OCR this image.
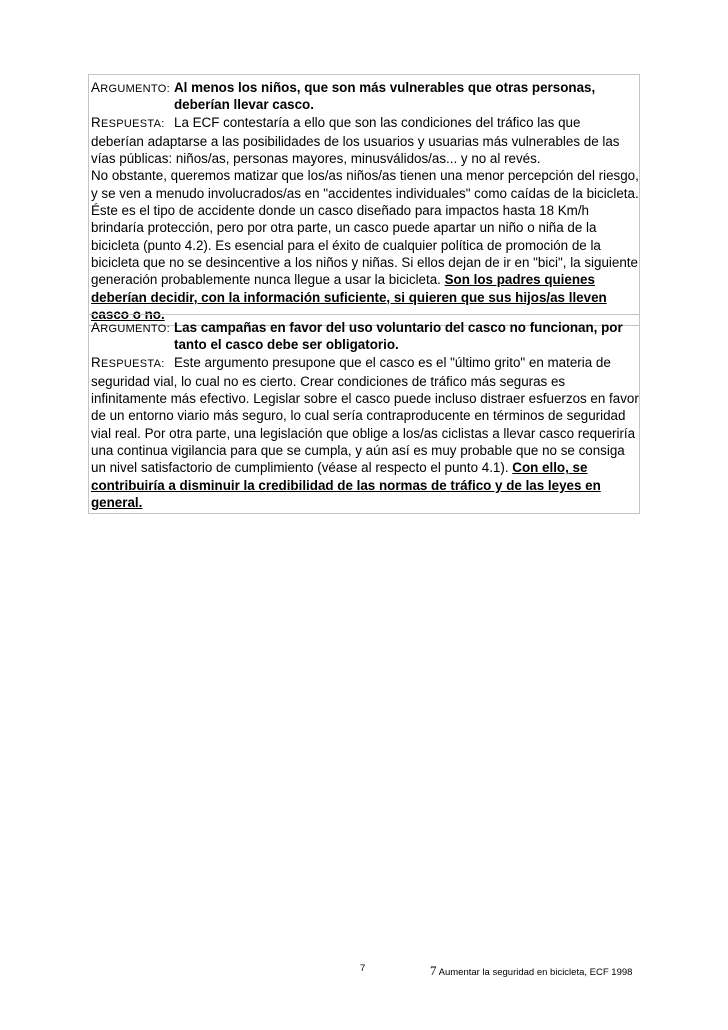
ARGUMENTO: Al menos los niños, que son más vulnerables que otras personas,
deberían llevar casco.
RESPUESTA: La ECF contestaría a ello que son las condiciones del tráfico las que

deberían adaptarse a las posibilidades de los usuarios y usuarias más vulnerables de las vías públicas: niños/as, personas mayores, minusválidos/as... y no al revés.

No obstante, queremos matizar que los/as niños/as tienen una menor percepción del riesgo, y se ven a menudo involucrados/as en "accidentes individuales" como caídas de la bicicleta. Éste es el tipo de accidente donde un casco diseñado para impactos hasta 18 Km/h brindaría protección, pero por otra parte, un casco puede apartar un niño o niña de la bicicleta (punto 4.2). Es esencial para el éxito de cualquier política de promoción de la bicicleta que no se desincentive a los niños y niñas. Si ellos dejan de ir en "bici", la siguiente generación probablemente nunca llegue a usar la bicicleta. Son los padres quienes deberían decidir, con la información suficiente, si quieren que sus hijos/as lleven casco o no.

ARGUMENTO: Las campañas en favor del uso voluntario del casco no funcionan, por
tanto el casco debe ser obligatorio.
RESPUESTA: Este argumento presupone que el casco es el "último grito" en materia de

seguridad vial, lo cual no es cierto. Crear condiciones de tráfico más seguras es infinitamente más efectivo. Legislar sobre el casco puede incluso distraer esfuerzos en favor de un entorno viario más seguro, lo cual sería contraproducente en términos de seguridad vial real. Por otra parte, una legislación que oblige a los/as ciclistas a llevar casco requeriría una continua vigilancia para que se cumpla, y aún así es muy probable que no se consiga un nivel satisfactorio de cumplimiento (véase al respecto el punto 4.1). Con ello, se contribuiría a disminuir la credibilidad de las normas de tráfico y de las leyes en general.

7	7 Aumentar la seguridad en bicicleta, ECF 1998
